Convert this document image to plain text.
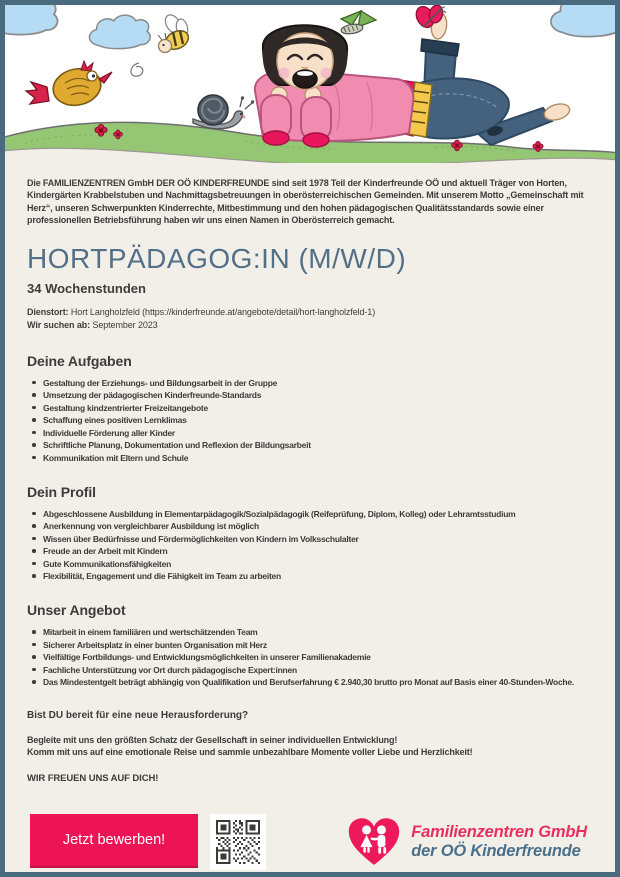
Die FAMILIENZENTREN GmbH DER OÖ KINDERFREUNDE sind seit 1978 Teil der Kinderfreunde OÖ und aktuell Träger von Horten, Kindergärten Krabbelstuben und Nachmittagsbetreuungen in oberösterreichischen Gemeinden. Mit unserem Motto „Gemeinschaft mit Herz“, unseren Schwerpunkten Kinderrechte, Mitbestimmung und den hohen pädagogischen Qualitätsstandards sowie einer professionellen Betriebsführung haben wir uns einen Namen in Oberösterreich gemacht.

HORTPÄDAGOG:IN (M/W/D)

34 Wochenstunden

Dienstort: Hort Langholzfeld (https://kinderfreunde.at/angebote/detail/hort-langholzfeld-1)
Wir suchen ab: September 2023

Deine Aufgaben
Gestaltung der Erziehungs- und Bildungsarbeit in der Gruppe
Umsetzung der pädagogischen Kinderfreunde-Standards
Gestaltung kindzentrierter Freizeitangebote
Schaffung eines positiven Lernklimas
Individuelle Förderung aller Kinder
Schriftliche Planung, Dokumentation und Reflexion der Bildungsarbeit
Kommunikation mit Eltern und Schule
Dein Profil
Abgeschlossene Ausbildung in Elementarpädagogik/Sozialpädagogik (Reifeprüfung, Diplom, Kolleg) oder Lehramtsstudium
Anerkennung von vergleichbarer Ausbildung ist möglich
Wissen über Bedürfnisse und Fördermöglichkeiten von Kindern im Volksschulalter
Freude an der Arbeit mit Kindern
Gute Kommunikationsfähigkeiten
Flexibilität, Engagement und die Fähigkeit im Team zu arbeiten
Unser Angebot
Mitarbeit in einem familiären und wertschätzenden Team
Sicherer Arbeitsplatz in einer bunten Organisation mit Herz
Vielfältige Fortbildungs- und Entwicklungsmöglichkeiten in unserer Familienakademie
Fachliche Unterstützung vor Ort durch pädagogische Expert:innen
Das Mindestentgelt beträgt abhängig von Qualifikation und Berufserfahrung € 2.940,30 brutto pro Monat auf Basis einer 40-Stunden-Woche.

Bist DU bereit für eine neue Herausforderung?

Begleite mit uns den größten Schatz der Gesellschaft in seiner individuellen Entwicklung!

Komm mit uns auf eine emotionale Reise und sammle unbezahlbare Momente voller Liebe und Herzlichkeit!

WIR FREUEN UNS AUF DICH!

Jetzt bewerben!	Familienzentren GmbH
der OÖ Kinderfreunde
